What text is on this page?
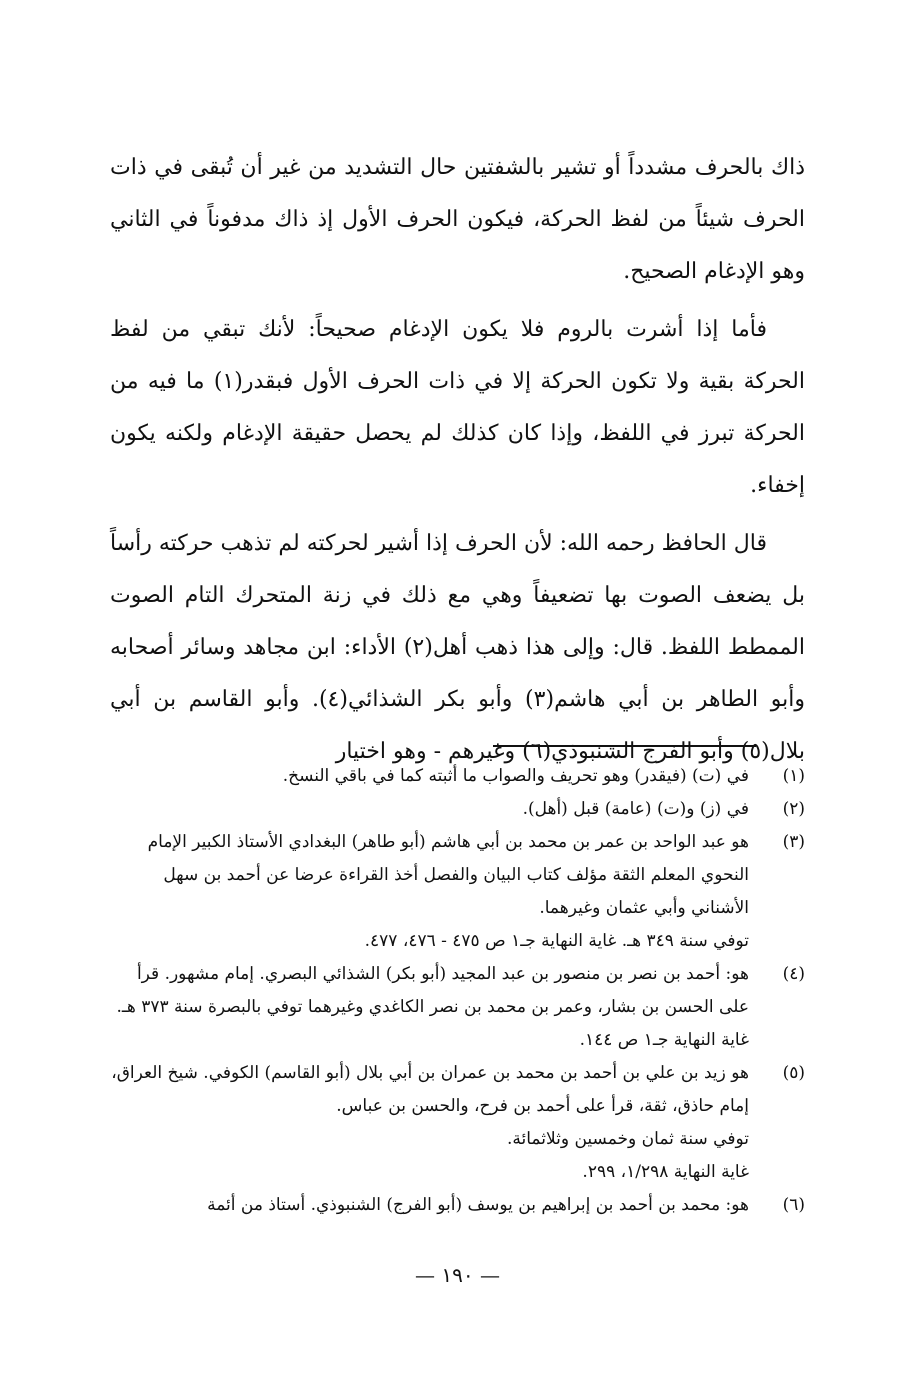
ذاك بالحرف مشدداً أو تشير بالشفتين حال التشديد من غير أن تُبقى في ذات الحرف شيئاً من لفظ الحركة، فيكون الحرف الأول إذ ذاك مدفوناً في الثاني وهو الإدغام الصحيح.

فأما إذا أشرت بالروم فلا يكون الإدغام صحيحاً: لأنك تبقي من لفظ الحركة بقية ولا تكون الحركة إلا في ذات الحرف الأول فبقدر(١) ما فيه من الحركة تبرز في اللفظ، وإذا كان كذلك لم يحصل حقيقة الإدغام ولكنه يكون إخفاء.

قال الحافظ رحمه الله: لأن الحرف إذا أشير لحركته لم تذهب حركته رأساً بل يضعف الصوت بها تضعيفاً وهي مع ذلك في زنة المتحرك التام الصوت الممطط اللفظ. قال: وإلى هذا ذهب أهل(٢) الأداء: ابن مجاهد وسائر أصحابه وأبو الطاهر بن أبي هاشم(٣) وأبو بكر الشذائي(٤). وأبو القاسم بن أبي بلال(٥) وأبو الفرج الشنبوذي(٦) وغيرهم - وهو اختيار

(١)
في (ت) (فيقدر) وهو تحريف والصواب ما أثبته كما في باقي النسخ.
(٢)
في (ز) و(ت) (عامة) قبل (أهل).
(٣)
هو عبد الواحد بن عمر بن محمد بن أبي هاشم (أبو طاهر) البغدادي الأستاذ الكبير الإمام النحوي المعلم الثقة مؤلف كتاب البيان والفصل أخذ القراءة عرضا عن أحمد بن سهل الأشناني وأبي عثمان وغيرهما.
توفي سنة ٣٤٩ هـ. غاية النهاية جـ١ ص ٤٧٥ - ٤٧٦، ٤٧٧.
(٤)
هو: أحمد بن نصر بن منصور بن عبد المجيد (أبو بكر) الشذائي البصري. إمام مشهور. قرأ على الحسن بن بشار، وعمر بن محمد بن نصر الكاغدي وغيرهما توفي بالبصرة سنة ٣٧٣ هـ. غاية النهاية جـ١ ص ١٤٤.
(٥)
هو زيد بن علي بن أحمد بن محمد بن عمران بن أبي بلال (أبو القاسم) الكوفي. شيخ العراق، إمام حاذق، ثقة، قرأ على أحمد بن فرح، والحسن بن عباس.
توفي سنة ثمان وخمسين وثلاثمائة.
غاية النهاية ١/٢٩٨، ٢٩٩.
(٦)
هو: محمد بن أحمد بن إبراهيم بن يوسف (أبو الفرج) الشنبوذي. أستاذ من أئمة
— ١٩٠ —
